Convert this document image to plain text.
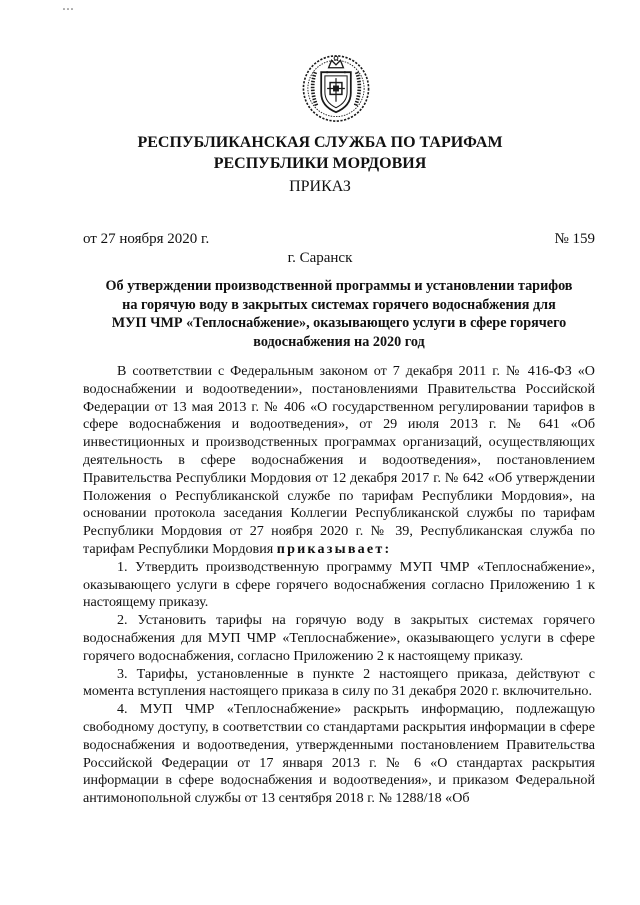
РЕСПУБЛИКАНСКАЯ СЛУЖБА ПО ТАРИФАМ
РЕСПУБЛИКИ МОРДОВИЯ
ПРИКАЗ
от 27 ноября 2020 г.	№ 159
г. Саранск
Об утверждении производственной программы и установлении тарифов
на горячую воду в закрытых системах горячего водоснабжения для
МУП ЧМР «Теплоснабжение», оказывающего услуги в сфере горячего
водоснабжения на 2020 год

В соответствии с Федеральным законом от 7 декабря 2011 г. № 416-ФЗ «О водоснабжении и водоотведении», постановлениями Правительства Российской Федерации от 13 мая 2013 г. № 406 «О государственном регулировании тарифов в сфере водоснабжения и водоотведения», от 29 июля 2013 г. № 641 «Об инвестиционных и производственных программах организаций, осуществляющих деятельность в сфере водоснабжения и водоотведения», постановлением Правительства Республики Мордовия от 12 декабря 2017 г. № 642 «Об утверждении Положения о Республиканской службе по тарифам Республики Мордовия», на основании протокола заседания Коллегии Республиканской службы по тарифам Республики Мордовия от 27 ноября 2020 г. № 39, Республиканская служба по тарифам Республики Мордовия приказывает:

1. Утвердить производственную программу МУП ЧМР «Теплоснабжение», оказывающего услуги в сфере горячего водоснабжения согласно Приложению 1 к настоящему приказу.

2. Установить тарифы на горячую воду в закрытых системах горячего водоснабжения для МУП ЧМР «Теплоснабжение», оказывающего услуги в сфере горячего водоснабжения, согласно Приложению 2 к настоящему приказу.

3. Тарифы, установленные в пункте 2 настоящего приказа, действуют с момента вступления настоящего приказа в силу по 31 декабря 2020 г. включительно.

4. МУП ЧМР «Теплоснабжение» раскрыть информацию, подлежащую свободному доступу, в соответствии со стандартами раскрытия информации в сфере водоснабжения и водоотведения, утвержденными постановлением Правительства Российской Федерации от 17 января 2013 г. № 6 «О стандартах раскрытия информации в сфере водоснабжения и водоотведения», и приказом Федеральной антимонопольной службы от 13 сентября 2018 г. № 1288/18 «Об
